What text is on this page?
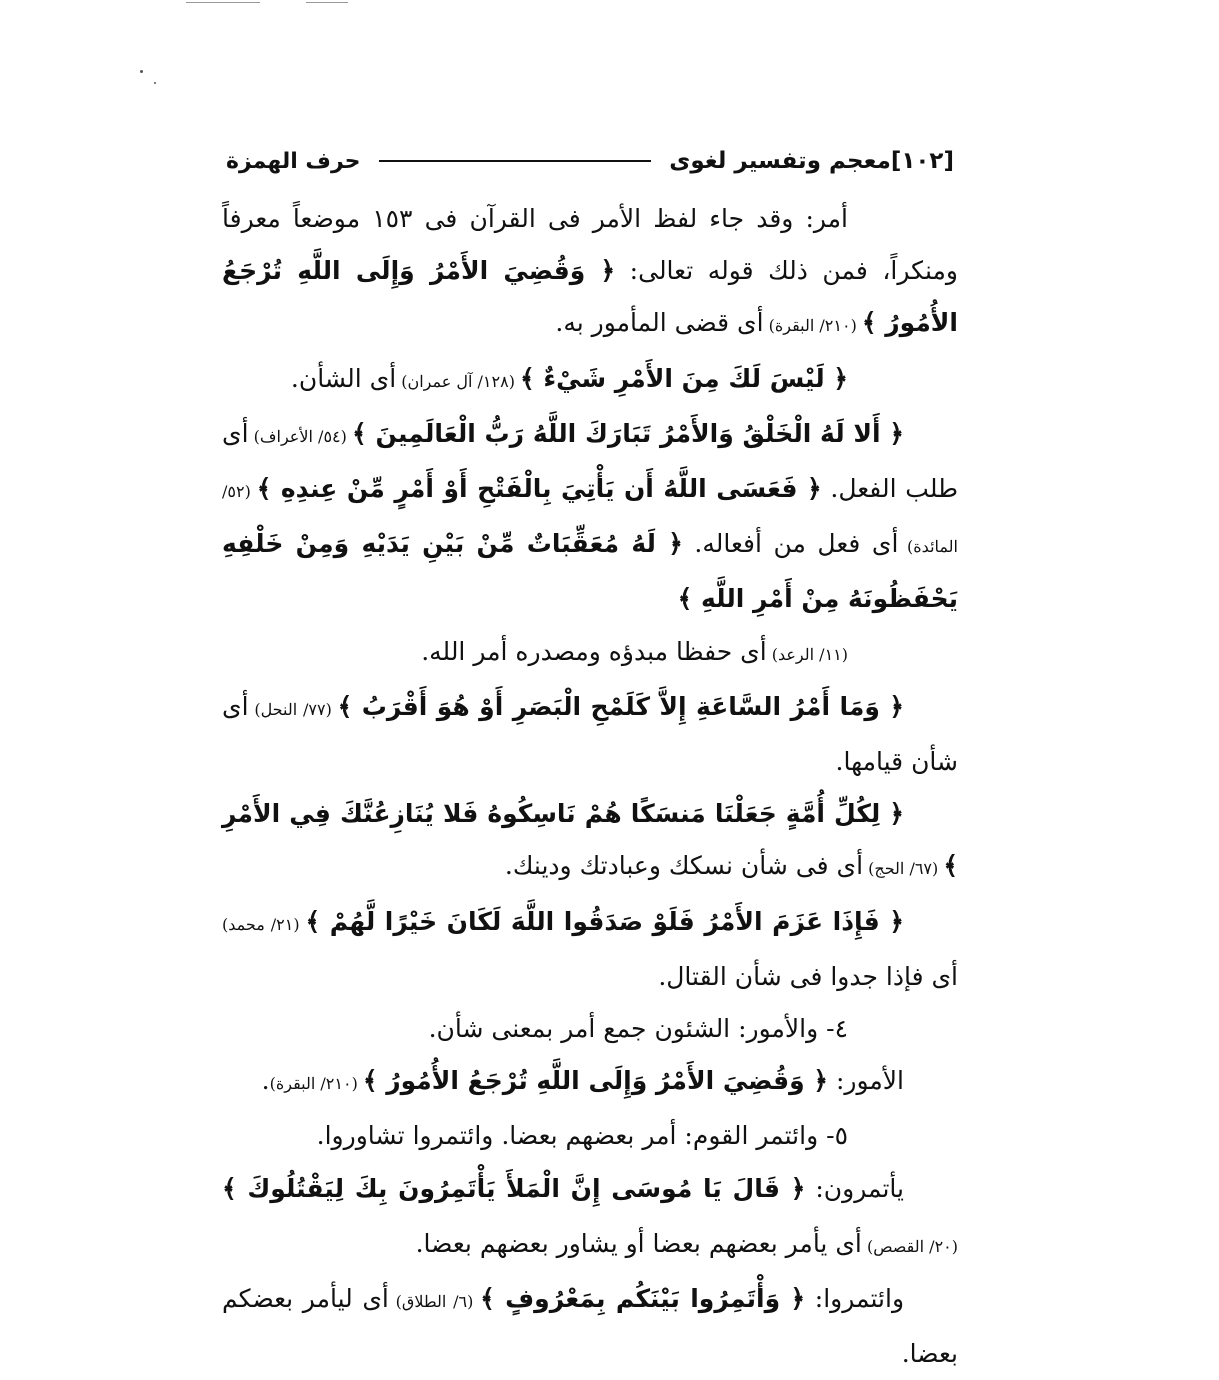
[١٠٢]معجم وتفسير لغوى
حرف الهمزة

أمر: وقد جاء لفظ الأمر فى القرآن فى ١٥٣ موضعاً معرفاً ومنكراً، فمن ذلك قوله تعالى: ﴿ وَقُضِيَ الأَمْرُ وَإِلَى اللَّهِ تُرْجَعُ الأُمُورُ ﴾ (٢١٠/ البقرة) أى قضى المأمور به.

﴿ لَيْسَ لَكَ مِنَ الأَمْرِ شَيْءٌ ﴾ (١٢٨/ آل عمران) أى الشأن.

﴿ أَلا لَهُ الْخَلْقُ وَالأَمْرُ تَبَارَكَ اللَّهُ رَبُّ الْعَالَمِينَ ﴾ (٥٤/ الأعراف) أى طلب الفعل. ﴿ فَعَسَى اللَّهُ أَن يَأْتِيَ بِالْفَتْحِ أَوْ أَمْرٍ مِّنْ عِندِهِ ﴾ (٥٢/ المائدة) أى فعل من أفعاله. ﴿ لَهُ مُعَقِّبَاتٌ مِّنْ بَيْنِ يَدَيْهِ وَمِنْ خَلْفِهِ يَحْفَظُونَهُ مِنْ أَمْرِ اللَّهِ ﴾

(١١/ الرعد) أى حفظا مبدؤه ومصدره أمر الله.

﴿ وَمَا أَمْرُ السَّاعَةِ إِلاَّ كَلَمْحِ الْبَصَرِ أَوْ هُوَ أَقْرَبُ ﴾ (٧٧/ النحل) أى شأن قيامها.

﴿ لِكُلِّ أُمَّةٍ جَعَلْنَا مَنسَكًا هُمْ نَاسِكُوهُ فَلا يُنَازِعُنَّكَ فِي الأَمْرِ ﴾ (٦٧/ الحج) أى فى شأن نسكك وعبادتك ودينك.

﴿ فَإِذَا عَزَمَ الأَمْرُ فَلَوْ صَدَقُوا اللَّهَ لَكَانَ خَيْرًا لَّهُمْ ﴾ (٢١/ محمد) أى فإذا جدوا فى شأن القتال.

٤- والأمور: الشئون جمع أمر بمعنى شأن.

الأمور: ﴿ وَقُضِيَ الأَمْرُ وَإِلَى اللَّهِ تُرْجَعُ الأُمُورُ ﴾ (٢١٠/ البقرة).

٥- وائتمر القوم: أمر بعضهم بعضا. وائتمروا تشاوروا.

يأتمرون: ﴿ قَالَ يَا مُوسَى إِنَّ الْمَلأَ يَأْتَمِرُونَ بِكَ لِيَقْتُلُوكَ ﴾ (٢٠/ القصص) أى يأمر بعضهم بعضا أو يشاور بعضهم بعضا.

وائتمروا: ﴿ وَأْتَمِرُوا بَيْنَكُم بِمَعْرُوفٍ ﴾ (٦/ الطلاق) أى ليأمر بعضكم بعضا.
